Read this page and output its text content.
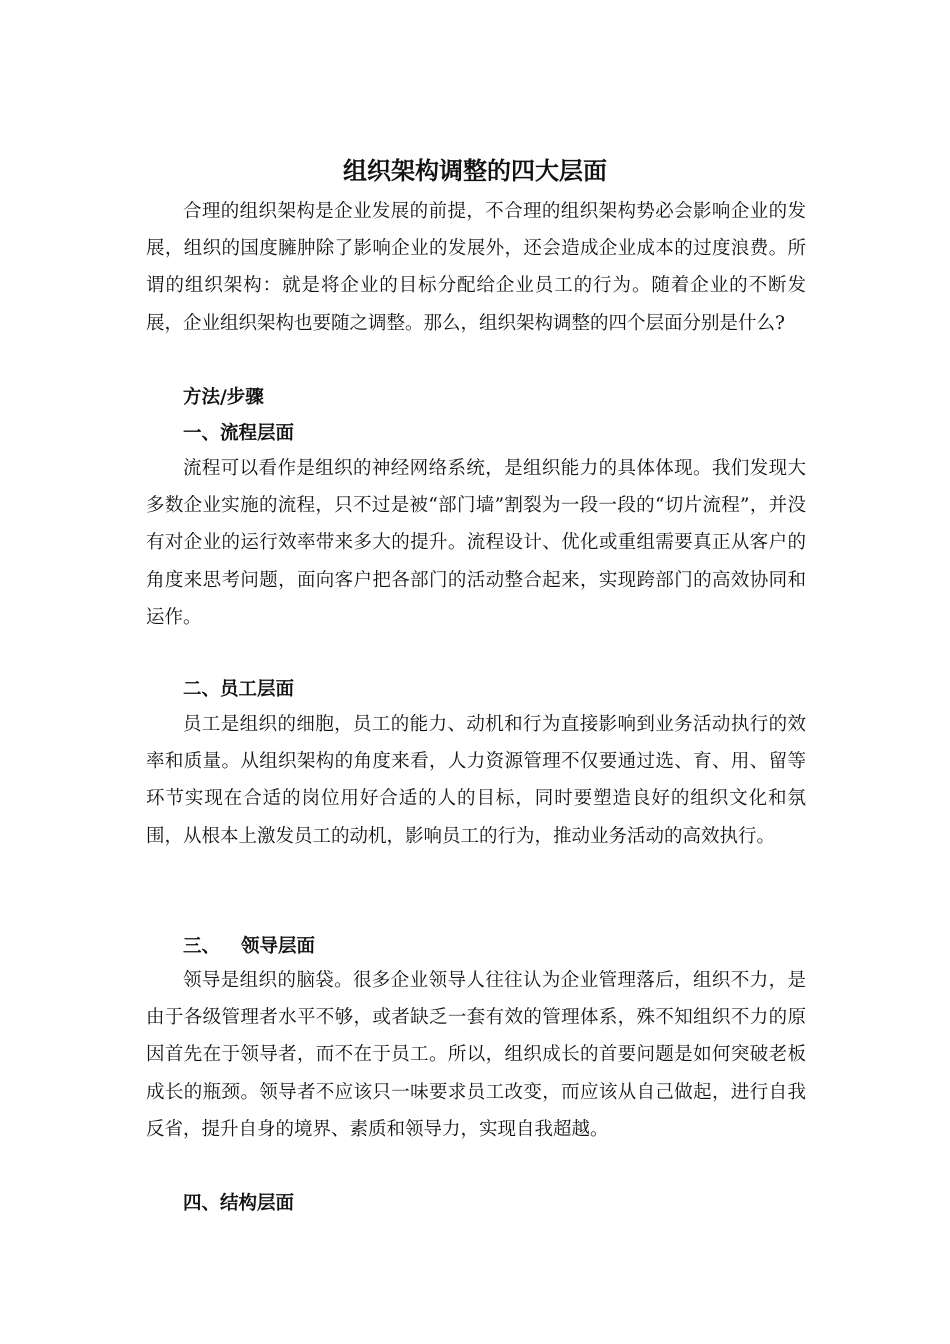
组织架构调整的四大层面

合理的组织架构是企业发展的前提，不合理的组织架构势必会影响企业的发展，组织的国度臃肿除了影响企业的发展外，还会造成企业成本的过度浪费。所谓的组织架构：就是将企业的目标分配给企业员工的行为。随着企业的不断发展，企业组织架构也要随之调整。那么，组织架构调整的四个层面分别是什么?

方法/步骤
一、流程层面

流程可以看作是组织的神经网络系统，是组织能力的具体体现。我们发现大多数企业实施的流程，只不过是被“部门墙”割裂为一段一段的“切片流程”，并没有对企业的运行效率带来多大的提升。流程设计、优化或重组需要真正从客户的角度来思考问题，面向客户把各部门的活动整合起来，实现跨部门的高效协同和运作。

二、员工层面

员工是组织的细胞，员工的能力、动机和行为直接影响到业务活动执行的效率和质量。从组织架构的角度来看，人力资源管理不仅要通过选、育、用、留等环节实现在合适的岗位用好合适的人的目标，同时要塑造良好的组织文化和氛围，从根本上激发员工的动机，影响员工的行为，推动业务活动的高效执行。

三、 领导层面

领导是组织的脑袋。很多企业领导人往往认为企业管理落后，组织不力，是由于各级管理者水平不够，或者缺乏一套有效的管理体系，殊不知组织不力的原因首先在于领导者，而不在于员工。所以，组织成长的首要问题是如何突破老板成长的瓶颈。领导者不应该只一味要求员工改变，而应该从自己做起，进行自我反省，提升自身的境界、素质和领导力，实现自我超越。

四、结构层面
